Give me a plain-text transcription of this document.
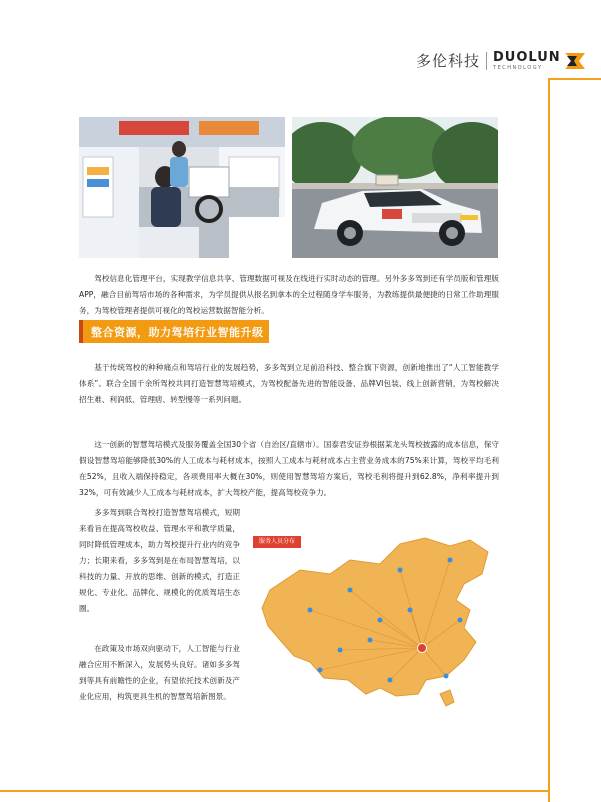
多伦科技 DUOLUN
TECHNOLOGY
驾校信息化管理平台，实现教学信息共享、管理数据可视及在线进行实时动态的管理。另外多多驾到还有学员版和管理版APP，融合目前驾培市场的各种需求，为学员提供从报名到拿本的全过程随身学车服务，为教练提供最便捷的日常工作助理服务，为驾校管理者提供可视化的驾校运营数据智能分析。
整合资源，助力驾培行业智能升级
基于传统驾校的种种痛点和驾培行业的发展趋势，多多驾到立足前沿科技、整合旗下资源，创新地推出了“人工智能教学体系”。联合全国千余所驾校共同打造智慧驾培模式，为驾校配备先进的智能设备、品牌VI包装、线上创新营销，为驾校解决招生难、利润低、管理痞、转型慢等一系列问题。
这一创新的智慧驾培模式及服务覆盖全国30个省（自治区/直辖市）。国泰君安证券根据某龙头驾校披露的成本信息，保守假设智慧驾培能够降低30%的人工成本与耗材成本，按照人工成本与耗材成本占主营业务成本的75%来计算，驾校平均毛利在52%，且收入端保持稳定，各项费用率大概在30%，则使用智慧驾培方案后，驾校毛利将提升到62.8%，净利率提升到32%，可有效减少人工成本与耗材成本，扩大驾校产能，提高驾校竞争力。
多多驾到联合驾校打造智慧驾培模式，短期来看旨在提高驾校收益、管理水平和教学质量，同时降低管理成本，助力驾校提升行业内的竞争力；长期来看，多多驾到是在布局智慧驾培，以科技的力量、开放的思维、创新的模式，打造正规化、专业化、品牌化、规模化的优质驾培生态圈。
在政策及市场双向驱动下，人工智能与行业融合应用不断深入，发展势头良好。诸如多多驾到等具有前瞻性的企业，有望依托技术创新及产业化应用，构筑更具生机的智慧驾培新图景。
服务人员分布
